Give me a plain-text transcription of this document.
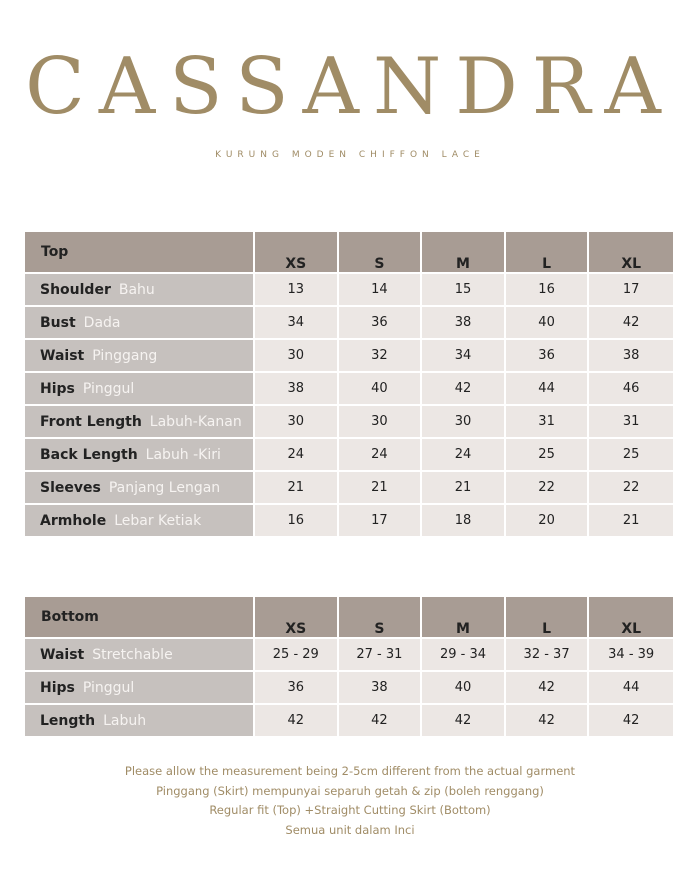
CASSANDRA
KURUNG MODEN CHIFFON LACE
Top	XS	S	M	L	XL
Shoulder Bahu	13	14	15	16	17
Bust Dada	34	36	38	40	42
Waist Pinggang	30	32	34	36	38
Hips Pinggul	38	40	42	44	46
Front Length Labuh-Kanan	30	30	30	31	31
Back Length Labuh -Kiri	24	24	24	25	25
Sleeves Panjang Lengan	21	21	21	22	22
Armhole Lebar Ketiak	16	17	18	20	21
Bottom	XS	S	M	L	XL
Waist Stretchable	25 - 29	27 - 31	29 - 34	32 - 37	34 - 39
Hips Pinggul	36	38	40	42	44
Length Labuh	42	42	42	42	42
Please allow the measurement being 2-5cm different from the actual garment
Pinggang (Skirt) mempunyai separuh getah & zip (boleh renggang)
Regular fit (Top) +Straight Cutting Skirt (Bottom)
Semua unit dalam Inci
